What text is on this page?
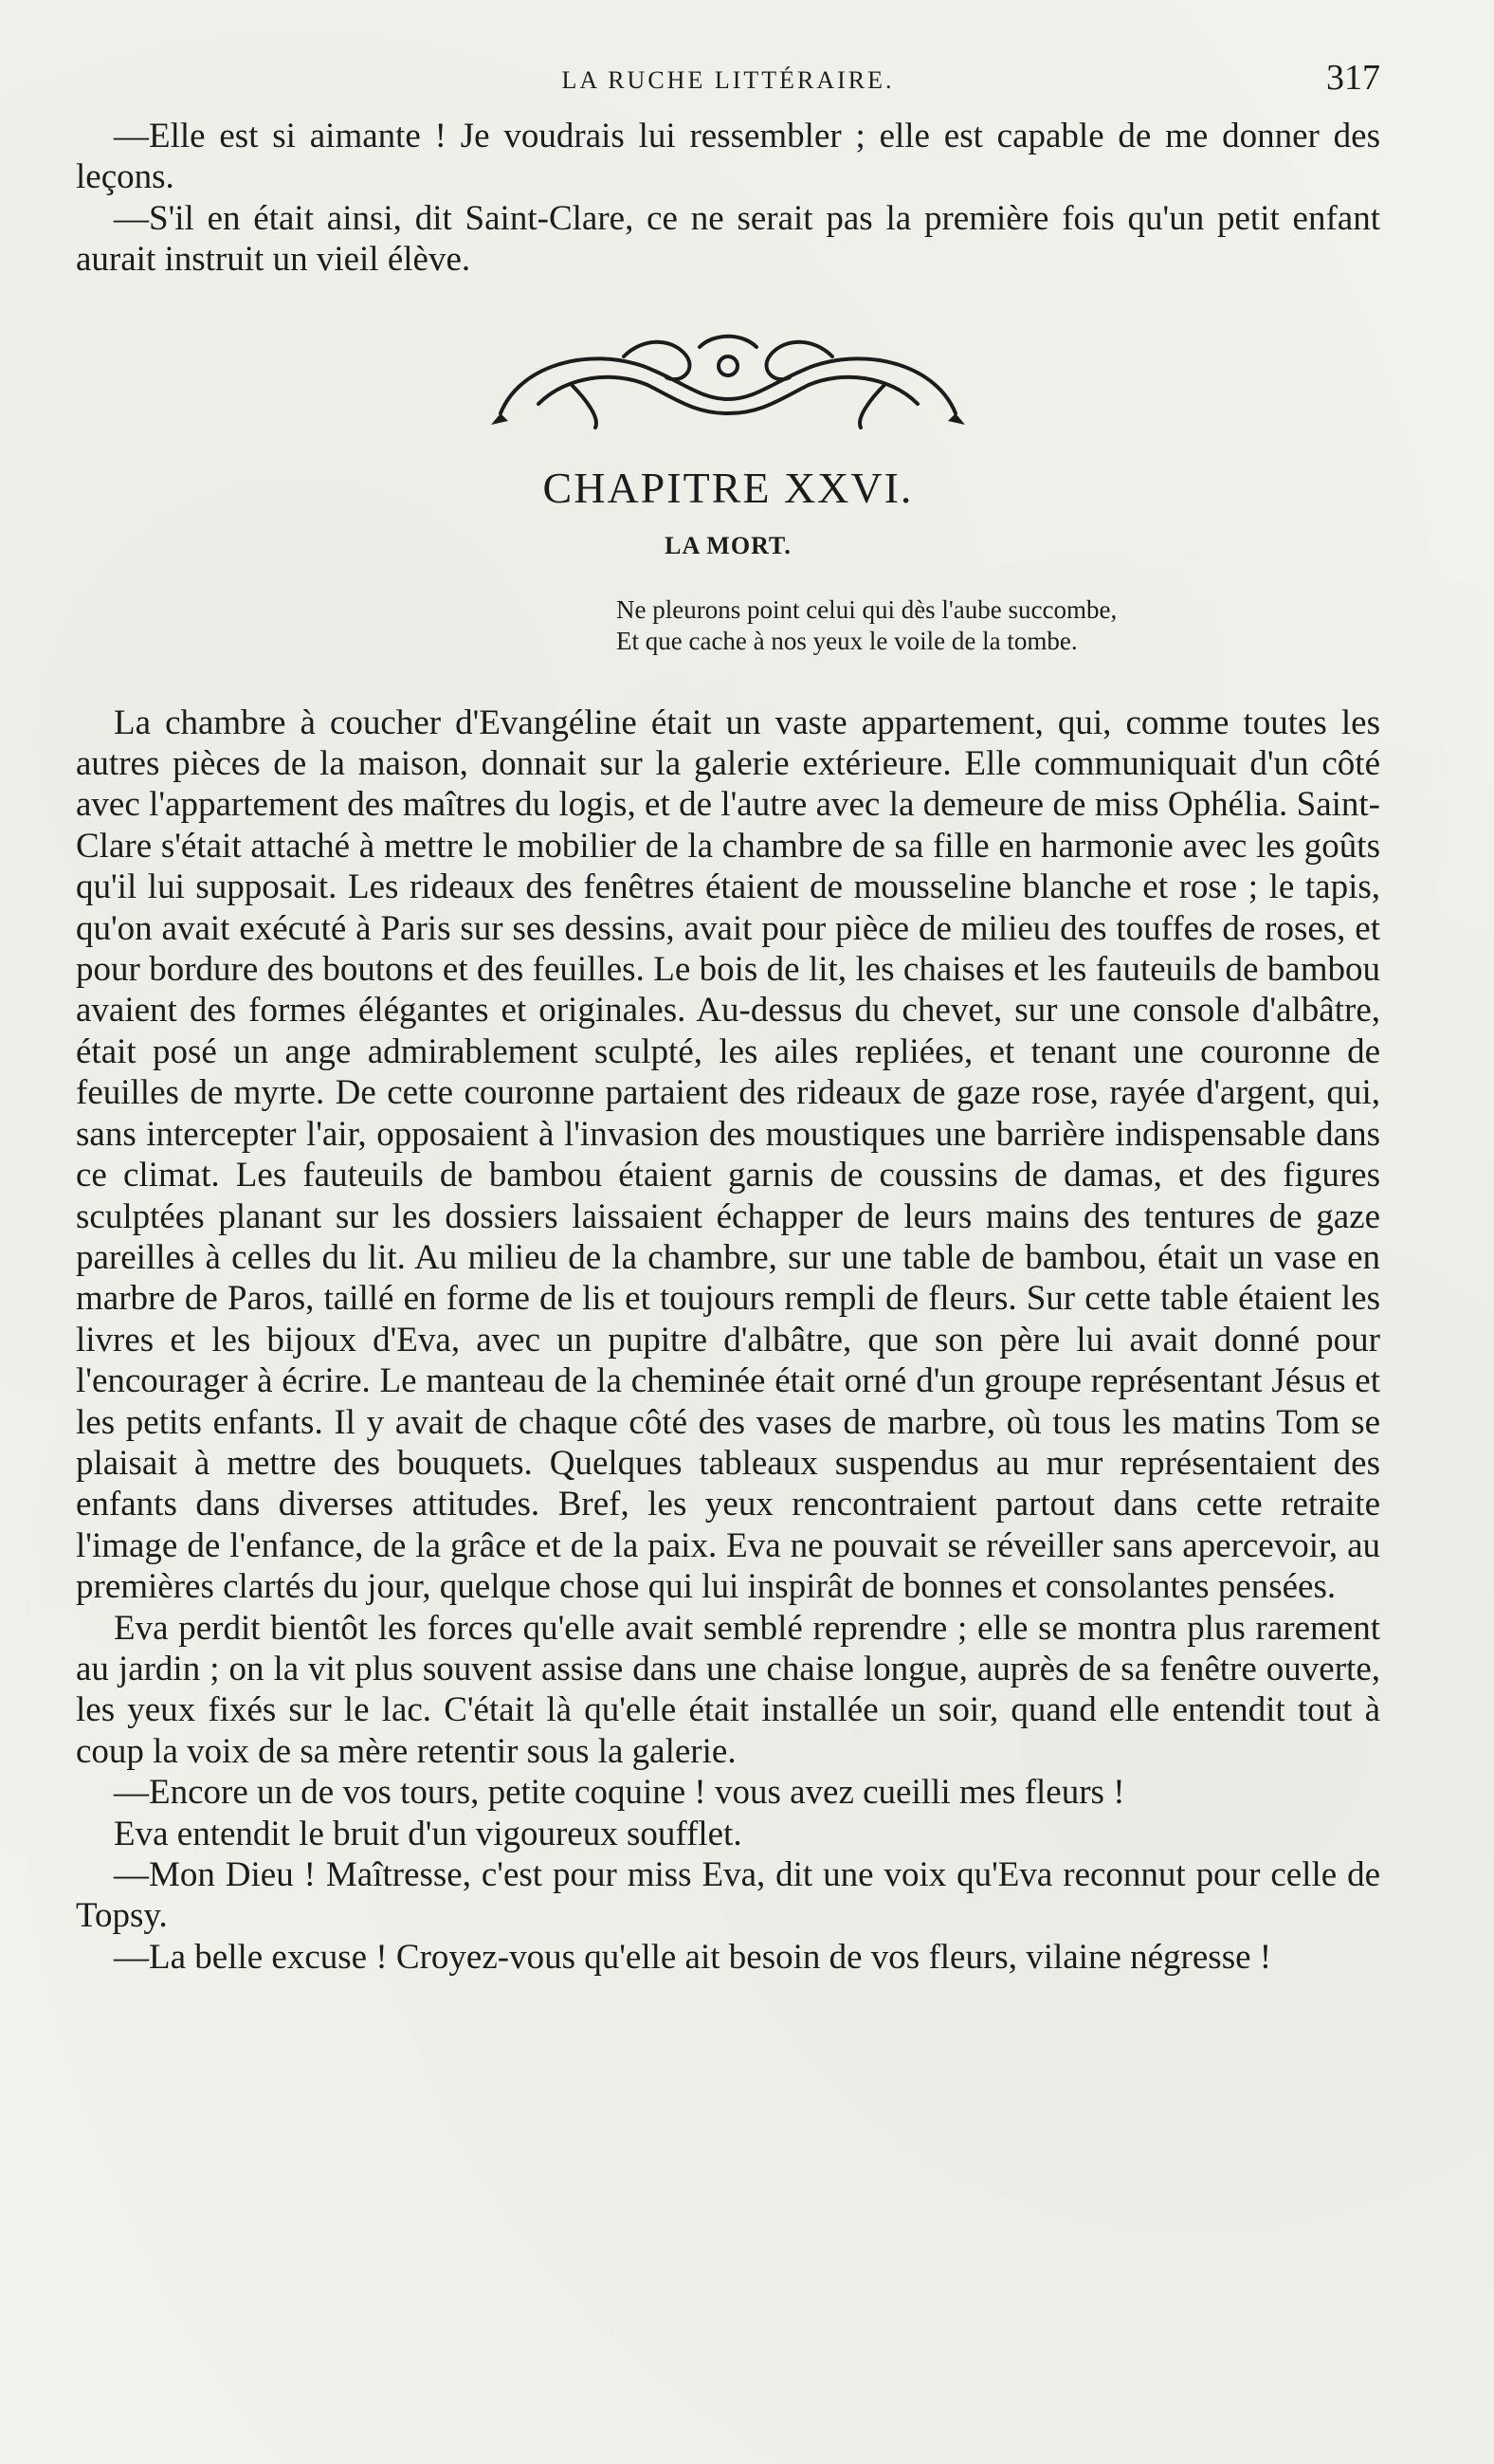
LA RUCHE LITTÉRAIRE.	317

—Elle est si aimante ! Je voudrais lui ressembler ; elle est capable de me donner des leçons.

—S'il en était ainsi, dit Saint-Clare, ce ne serait pas la première fois qu'un petit enfant aurait instruit un vieil élève.

CHAPITRE XXVI.
LA MORT.
Ne pleurons point celui qui dès l'aube succombe,
Et que cache à nos yeux le voile de la tombe.

La chambre à coucher d'Evangéline était un vaste appartement, qui, comme toutes les autres pièces de la maison, donnait sur la galerie extérieure. Elle communiquait d'un côté avec l'appartement des maîtres du logis, et de l'autre avec la demeure de miss Ophélia. Saint-Clare s'était attaché à mettre le mobilier de la chambre de sa fille en harmonie avec les goûts qu'il lui supposait. Les rideaux des fenêtres étaient de mousseline blanche et rose ; le tapis, qu'on avait exécuté à Paris sur ses dessins, avait pour pièce de milieu des touffes de roses, et pour bordure des boutons et des feuilles. Le bois de lit, les chaises et les fauteuils de bambou avaient des formes élégantes et originales. Au-dessus du chevet, sur une console d'albâtre, était posé un ange admirablement sculpté, les ailes repliées, et tenant une couronne de feuilles de myrte. De cette couronne partaient des rideaux de gaze rose, rayée d'argent, qui, sans intercepter l'air, opposaient à l'invasion des moustiques une barrière indispensable dans ce climat. Les fauteuils de bambou étaient garnis de coussins de damas, et des figures sculptées planant sur les dossiers laissaient échapper de leurs mains des tentures de gaze pareilles à celles du lit. Au milieu de la chambre, sur une table de bambou, était un vase en marbre de Paros, taillé en forme de lis et toujours rempli de fleurs. Sur cette table étaient les livres et les bijoux d'Eva, avec un pupitre d'albâtre, que son père lui avait donné pour l'encourager à écrire. Le manteau de la cheminée était orné d'un groupe représentant Jésus et les petits enfants. Il y avait de chaque côté des vases de marbre, où tous les matins Tom se plaisait à mettre des bouquets. Quelques tableaux suspendus au mur représentaient des enfants dans diverses attitudes. Bref, les yeux rencontraient partout dans cette retraite l'image de l'enfance, de la grâce et de la paix. Eva ne pouvait se réveiller sans apercevoir, au premières clartés du jour, quelque chose qui lui inspirât de bonnes et consolantes pensées.

Eva perdit bientôt les forces qu'elle avait semblé reprendre ; elle se montra plus rarement au jardin ; on la vit plus souvent assise dans une chaise longue, auprès de sa fenêtre ouverte, les yeux fixés sur le lac. C'était là qu'elle était installée un soir, quand elle entendit tout à coup la voix de sa mère retentir sous la galerie.

—Encore un de vos tours, petite coquine ! vous avez cueilli mes fleurs !

Eva entendit le bruit d'un vigoureux soufflet.

—Mon Dieu ! Maîtresse, c'est pour miss Eva, dit une voix qu'Eva reconnut pour celle de Topsy.

—La belle excuse ! Croyez-vous qu'elle ait besoin de vos fleurs, vilaine négresse !
